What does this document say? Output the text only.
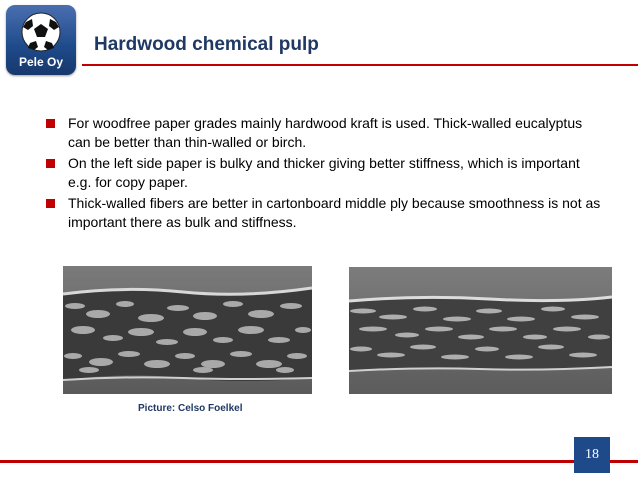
Pele Oy
Hardwood chemical pulp
For woodfree paper grades mainly hardwood kraft is used. Thick-walled eucalyptus can be better than thin-walled or birch.
On the left side paper is bulky and thicker giving better stiffness, which is important e.g. for copy paper.
Thick-walled fibers are better in cartonboard middle ply because smoothness is not as important there as bulk and stiffness.
Picture: Celso Foelkel
18
